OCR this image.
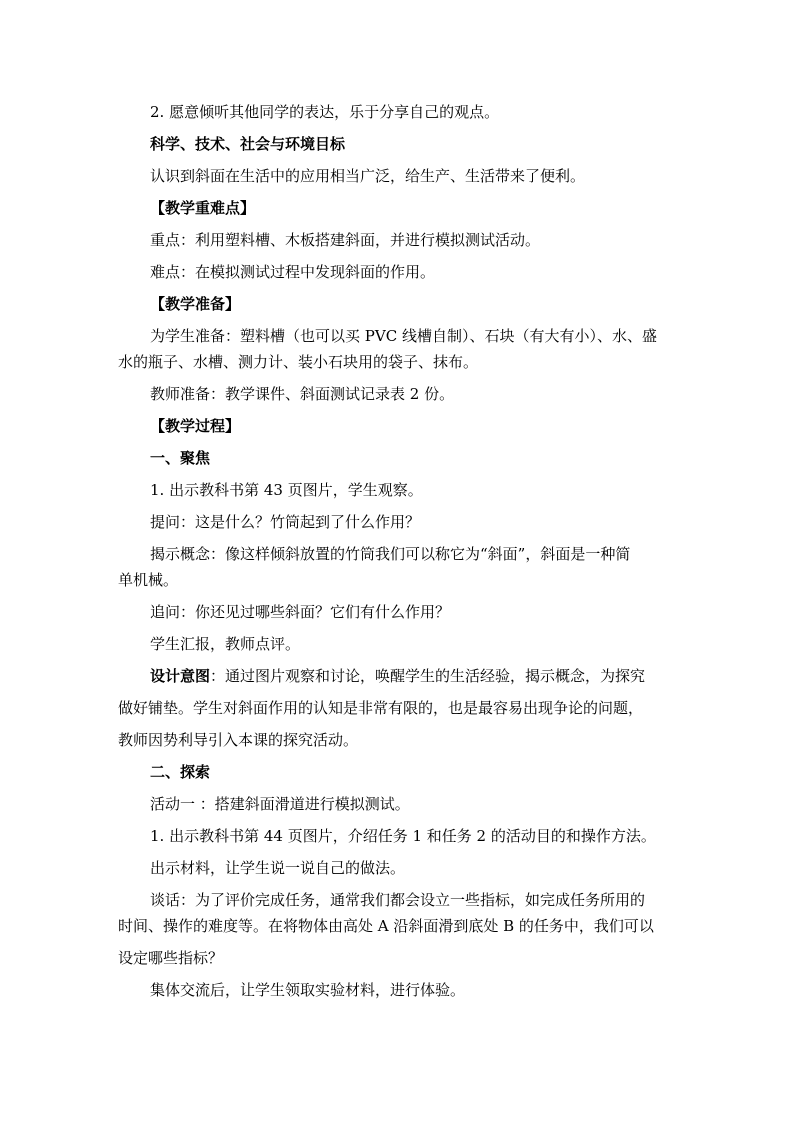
2. 愿意倾听其他同学的表达，乐于分享自己的观点。
科学、技术、社会与环境目标
认识到斜面在生活中的应用相当广泛，给生产、生活带来了便利。
【教学重难点】
重点：利用塑料槽、木板搭建斜面，并进行模拟测试活动。
难点：在模拟测试过程中发现斜面的作用。
【教学准备】
为学生准备：塑料槽（也可以买 PVC 线槽自制）、石块（有大有小）、水、盛
水的瓶子、水槽、测力计、装小石块用的袋子、抹布。
教师准备：教学课件、斜面测试记录表 2 份。
【教学过程】
一、聚焦
1. 出示教科书第 43 页图片，学生观察。
提问：这是什么？竹筒起到了什么作用？
揭示概念：像这样倾斜放置的竹筒我们可以称它为“斜面”，斜面是一种简
单机械。
追问：你还见过哪些斜面？它们有什么作用？
学生汇报，教师点评。
设计意图：通过图片观察和讨论，唤醒学生的生活经验，揭示概念，为探究
做好铺垫。学生对斜面作用的认知是非常有限的，也是最容易出现争论的问题，
教师因势利导引入本课的探究活动。
二、探索
活动一 ：搭建斜面滑道进行模拟测试。
1. 出示教科书第 44 页图片，介绍任务 1 和任务 2 的活动目的和操作方法。
出示材料，让学生说一说自己的做法。
谈话：为了评价完成任务，通常我们都会设立一些指标，如完成任务所用的
时间、操作的难度等。在将物体由高处 A 沿斜面滑到底处 B 的任务中，我们可以
设定哪些指标？
集体交流后，让学生领取实验材料，进行体验。
